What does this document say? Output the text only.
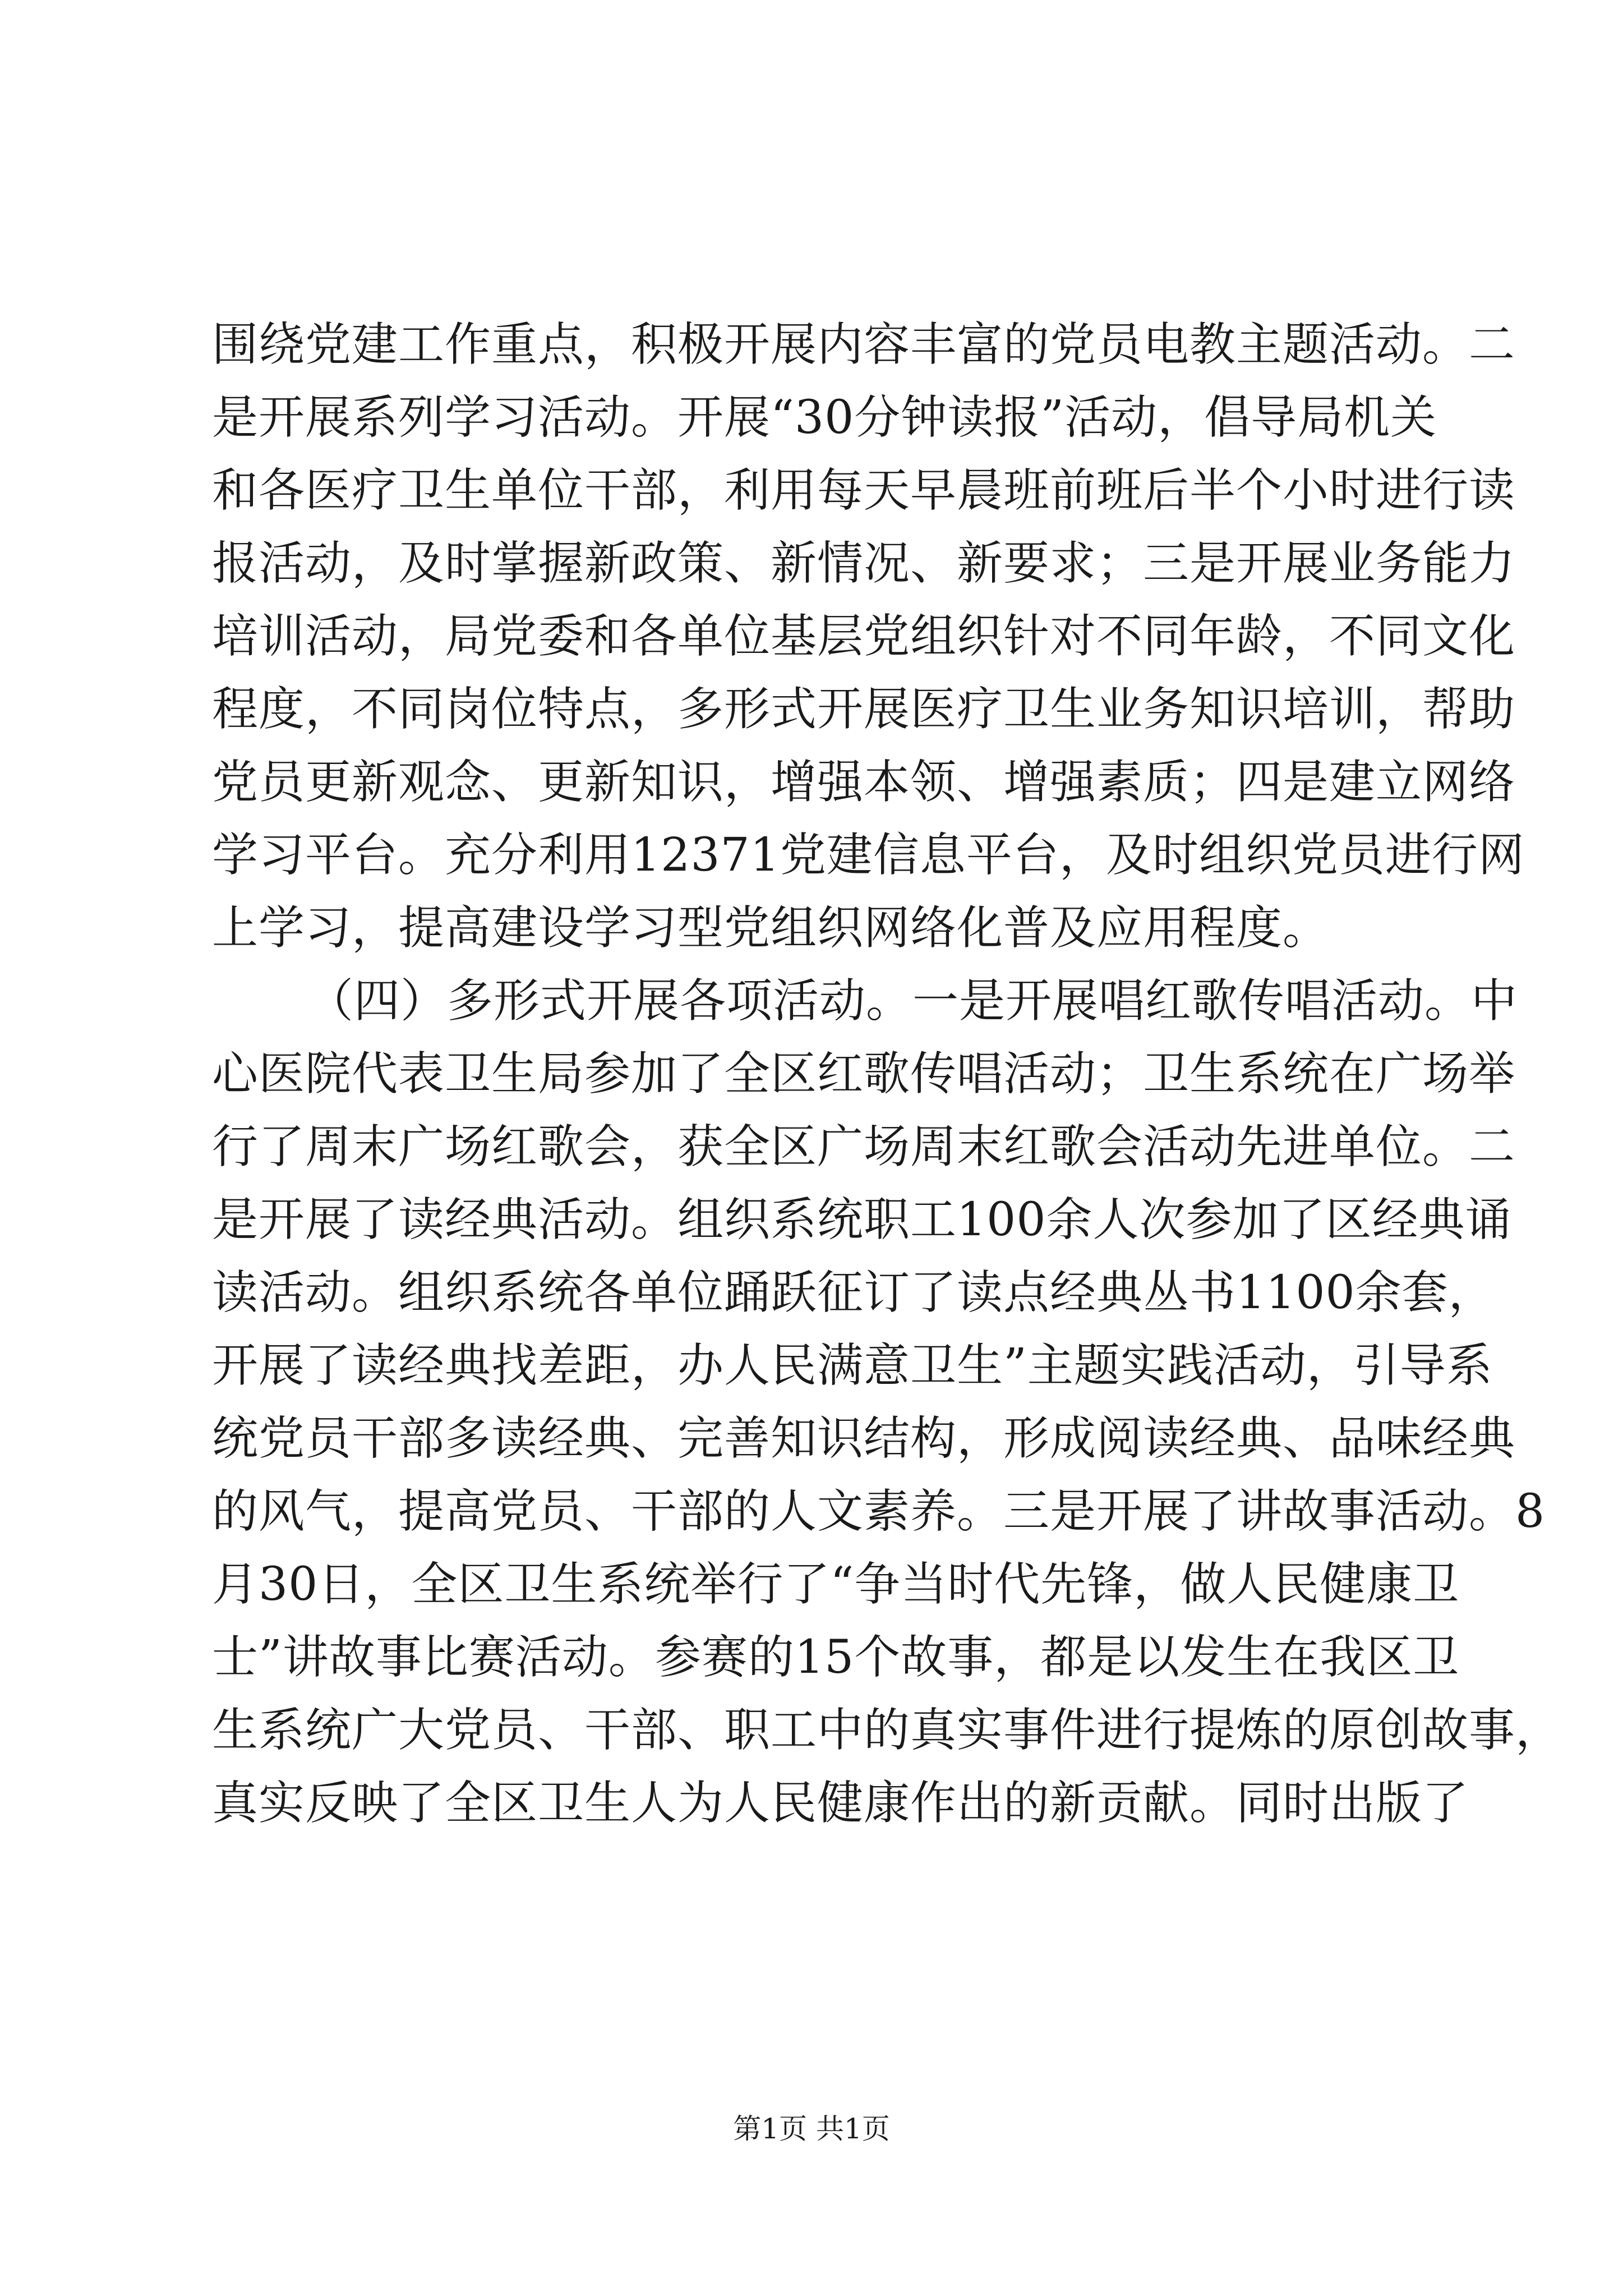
围绕党建工作重点，积极开展内容丰富的党员电教主题活动。二
是开展系列学习活动。开展“30分钟读报”活动，倡导局机关
和各医疗卫生单位干部，利用每天早晨班前班后半个小时进行读
报活动，及时掌握新政策、新情况、新要求；三是开展业务能力
培训活动，局党委和各单位基层党组织针对不同年龄，不同文化
程度，不同岗位特点，多形式开展医疗卫生业务知识培训，帮助
党员更新观念、更新知识，增强本领、增强素质；四是建立网络
学习平台。充分利用12371党建信息平台，及时组织党员进行网
上学习，提高建设学习型党组织网络化普及应用程度。
（四）多形式开展各项活动。一是开展唱红歌传唱活动。中
心医院代表卫生局参加了全区红歌传唱活动；卫生系统在广场举
行了周末广场红歌会，获全区广场周末红歌会活动先进单位。二
是开展了读经典活动。组织系统职工100余人次参加了区经典诵
读活动。组织系统各单位踊跃征订了读点经典丛书1100余套，
开展了读经典找差距，办人民满意卫生”主题实践活动，引导系
统党员干部多读经典、完善知识结构，形成阅读经典、品味经典
的风气，提高党员、干部的人文素养。三是开展了讲故事活动。8
月30日，全区卫生系统举行了“争当时代先锋，做人民健康卫
士”讲故事比赛活动。参赛的15个故事，都是以发生在我区卫
生系统广大党员、干部、职工中的真实事件进行提炼的原创故事，
真实反映了全区卫生人为人民健康作出的新贡献。同时出版了
第1页 共1页
